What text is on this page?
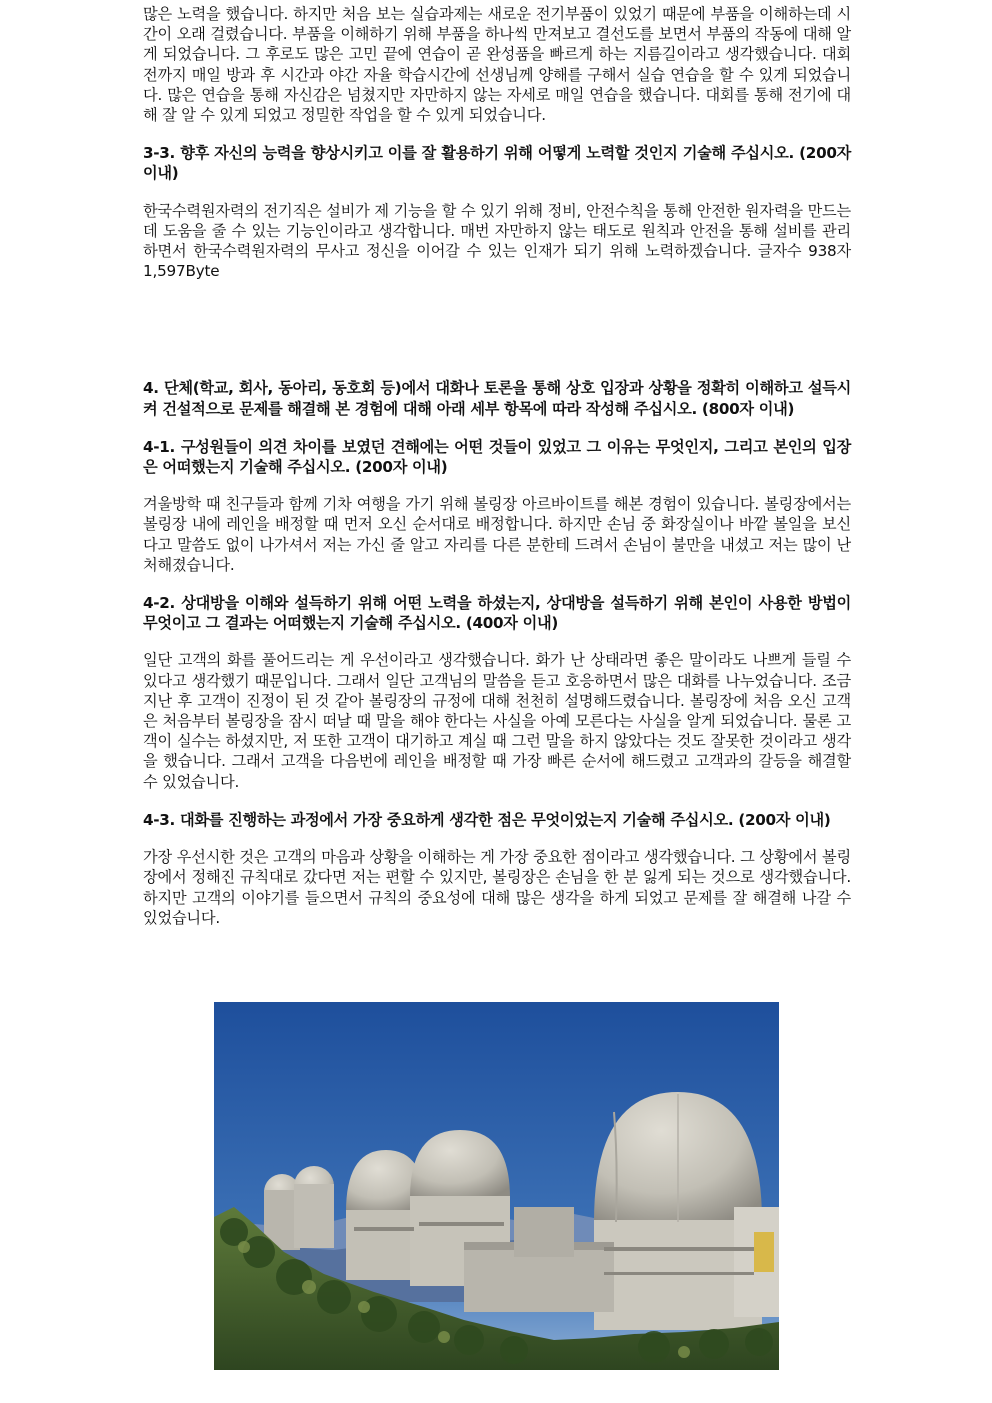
많은 노력을 했습니다. 하지만 처음 보는 실습과제는 새로운 전기부품이 있었기 때문에 부품을 이해하는데 시간이 오래 걸렸습니다. 부품을 이해하기 위해 부품을 하나씩 만져보고 결선도를 보면서 부품의 작동에 대해 알게 되었습니다. 그 후로도 많은 고민 끝에 연습이 곧 완성품을 빠르게 하는 지름길이라고 생각했습니다. 대회전까지 매일 방과 후 시간과 야간 자율 학습시간에 선생님께 양해를 구해서 실습 연습을 할 수 있게 되었습니다. 많은 연습을 통해 자신감은 넘쳤지만 자만하지 않는 자세로 매일 연습을 했습니다. 대회를 통해 전기에 대해 잘 알 수 있게 되었고 정밀한 작업을 할 수 있게 되었습니다.

3-3. 향후 자신의 능력을 향상시키고 이를 잘 활용하기 위해 어떻게 노력할 것인지 기술해 주십시오. (200자 이내)

한국수력원자력의 전기직은 설비가 제 기능을 할 수 있기 위해 정비, 안전수칙을 통해 안전한 원자력을 만드는 데 도움을 줄 수 있는 기능인이라고 생각합니다. 매번 자만하지 않는 태도로 원칙과 안전을 통해 설비를 관리하면서 한국수력원자력의 무사고 정신을 이어갈 수 있는 인재가 되기 위해 노력하겠습니다. 글자수 938자1,597Byte

4. 단체(학교, 회사, 동아리, 동호회 등)에서 대화나 토론을 통해 상호 입장과 상황을 정확히 이해하고 설득시켜 건설적으로 문제를 해결해 본 경험에 대해 아래 세부 항목에 따라 작성해 주십시오. (800자 이내)

4-1. 구성원들이 의견 차이를 보였던 견해에는 어떤 것들이 있었고 그 이유는 무엇인지, 그리고 본인의 입장은 어떠했는지 기술해 주십시오. (200자 이내)

겨울방학 때 친구들과 함께 기차 여행을 가기 위해 볼링장 아르바이트를 해본 경험이 있습니다. 볼링장에서는 볼링장 내에 레인을 배정할 때 먼저 오신 순서대로 배정합니다. 하지만 손님 중 화장실이나 바깥 볼일을 보신다고 말씀도 없이 나가셔서 저는 가신 줄 알고 자리를 다른 분한테 드려서 손님이 불만을 내셨고 저는 많이 난처해졌습니다.

4-2. 상대방을 이해와 설득하기 위해 어떤 노력을 하셨는지, 상대방을 설득하기 위해 본인이 사용한 방법이 무엇이고 그 결과는 어떠했는지 기술해 주십시오. (400자 이내)

일단 고객의 화를 풀어드리는 게 우선이라고 생각했습니다. 화가 난 상태라면 좋은 말이라도 나쁘게 들릴 수 있다고 생각했기 때문입니다. 그래서 일단 고객님의 말씀을 듣고 호응하면서 많은 대화를 나누었습니다. 조금 지난 후 고객이 진정이 된 것 같아 볼링장의 규정에 대해 천천히 설명해드렸습니다. 볼링장에 처음 오신 고객은 처음부터 볼링장을 잠시 떠날 때 말을 해야 한다는 사실을 아예 모른다는 사실을 알게 되었습니다. 물론 고객이 실수는 하셨지만, 저 또한 고객이 대기하고 계실 때 그런 말을 하지 않았다는 것도 잘못한 것이라고 생각을 했습니다. 그래서 고객을 다음번에 레인을 배정할 때 가장 빠른 순서에 해드렸고 고객과의 갈등을 해결할 수 있었습니다.

4-3. 대화를 진행하는 과정에서 가장 중요하게 생각한 점은 무엇이었는지 기술해 주십시오. (200자 이내)

가장 우선시한 것은 고객의 마음과 상황을 이해하는 게 가장 중요한 점이라고 생각했습니다. 그 상황에서 볼링장에서 정해진 규칙대로 갔다면 저는 편할 수 있지만, 볼링장은 손님을 한 분 잃게 되는 것으로 생각했습니다. 하지만 고객의 이야기를 들으면서 규칙의 중요성에 대해 많은 생각을 하게 되었고 문제를 잘 해결해 나갈 수 있었습니다.
